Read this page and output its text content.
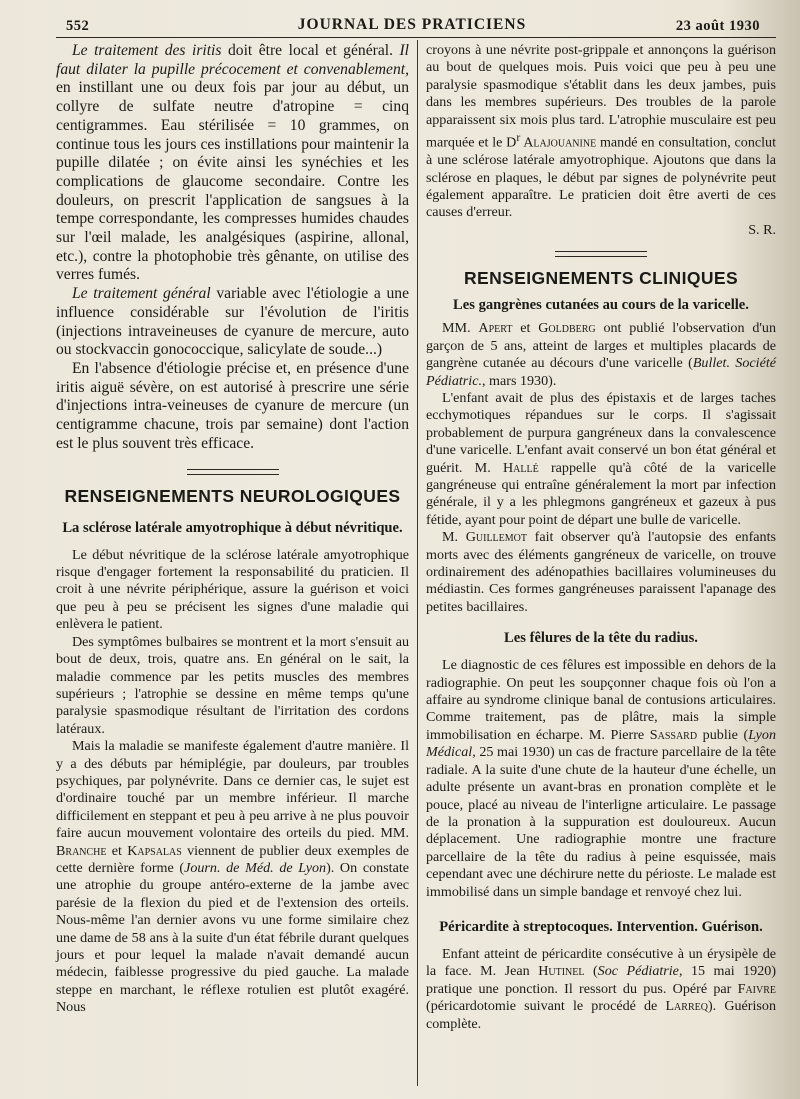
552	JOURNAL DES PRATICIENS	23 août 1930

Le traitement des iritis doit être local et général. Il faut dilater la pupille précocement et convenablement, en instillant une ou deux fois par jour au début, un collyre de sulfate neutre d'atropine = cinq centigrammes. Eau stérilisée = 10 grammes, on continue tous les jours ces instillations pour maintenir la pupille dilatée ; on évite ainsi les synéchies et les complications de glaucome secondaire. Contre les douleurs, on prescrit l'application de sangsues à la tempe correspondante, les compresses humides chaudes sur l'œil malade, les analgésiques (aspirine, allonal, etc.), contre la photophobie très gênante, on utilise des verres fumés.

Le traitement général variable avec l'étiologie a une influence considérable sur l'évolution de l'iritis (injections intraveineuses de cyanure de mercure, auto ou stockvaccin gonococcique, salicylate de soude...)

En l'absence d'étiologie précise et, en présence d'une iritis aiguë sévère, on est autorisé à prescrire une série d'injections intra-veineuses de cyanure de mercure (un centigramme chacune, trois par semaine) dont l'action est le plus souvent très efficace.

RENSEIGNEMENTS NEUROLOGIQUES
La sclérose latérale amyotrophique à début névritique.

Le début névritique de la sclérose latérale amyotrophique risque d'engager fortement la responsabilité du praticien. Il croit à une névrite périphérique, assure la guérison et voici que peu à peu se précisent les signes d'une maladie qui enlèvera le patient.

Des symptômes bulbaires se montrent et la mort s'ensuit au bout de deux, trois, quatre ans. En général on le sait, la maladie commence par les petits muscles des membres supérieurs ; l'atrophie se dessine en même temps qu'une paralysie spasmodique résultant de l'irritation des cordons latéraux.

Mais la maladie se manifeste également d'autre manière. Il y a des débuts par hémiplégie, par douleurs, par troubles psychiques, par polynévrite. Dans ce dernier cas, le sujet est d'ordinaire touché par un membre inférieur. Il marche difficilement en steppant et peu à peu arrive à ne plus pouvoir faire aucun mouvement volontaire des orteils du pied. MM. Branche et Kapsalas viennent de publier deux exemples de cette dernière forme (Journ. de Méd. de Lyon). On constate une atrophie du groupe antéro-externe de la jambe avec parésie de la flexion du pied et de l'extension des orteils. Nous-même l'an dernier avons vu une forme similaire chez une dame de 58 ans à la suite d'un état fébrile durant quelques jours et pour lequel la malade n'avait demandé aucun médecin, faiblesse progressive du pied gauche. La malade steppe en marchant, le réflexe rotulien est plutôt exagéré. Nous

croyons à une névrite post-grippale et annonçons la guérison au bout de quelques mois. Puis voici que peu à peu une paralysie spasmodique s'établit dans les deux jambes, puis dans les membres supérieurs. Des troubles de la parole apparaissent six mois plus tard. L'atrophie musculaire est peu marquée et le $D^r$ Alajouanine mandé en consultation, conclut à une sclérose latérale amyotrophique. Ajoutons que dans la sclérose en plaques, le début par signes de polynévrite peut également apparaître. Le praticien doit être averti de ces causes d'erreur.

S. R.

RENSEIGNEMENTS CLINIQUES
Les gangrènes cutanées au cours de la varicelle.

MM. Apert et Goldberg ont publié l'observation d'un garçon de 5 ans, atteint de larges et multiples placards de gangrène cutanée au décours d'une varicelle (Bullet. Société Pédiatric., mars 1930).

L'enfant avait de plus des épistaxis et de larges taches ecchymotiques répandues sur le corps. Il s'agissait probablement de purpura gangréneux dans la convalescence d'une varicelle. L'enfant avait conservé un bon état général et guérit. M. Hallé rappelle qu'à côté de la varicelle gangréneuse qui entraîne généralement la mort par infection générale, il y a les phlegmons gangréneux et gazeux à pus fétide, ayant pour point de départ une bulle de varicelle.

M. Guillemot fait observer qu'à l'autopsie des enfants morts avec des éléments gangréneux de varicelle, on trouve ordinairement des adénopathies bacillaires volumineuses du médiastin. Ces formes gangréneuses paraissent l'apanage des petites bacillaires.

Les fêlures de la tête du radius.

Le diagnostic de ces fêlures est impossible en dehors de la radiographie. On peut les soupçonner chaque fois où l'on a affaire au syndrome clinique banal de contusions articulaires. Comme traitement, pas de plâtre, mais la simple immobilisation en écharpe. M. Pierre Sassard publie (Lyon Médical, 25 mai 1930) un cas de fracture parcellaire de la tête radiale. A la suite d'une chute de la hauteur d'une échelle, un adulte présente un avant-bras en pronation complète et le pouce, placé au niveau de l'interligne articulaire. Le passage de la pronation à la suppuration est douloureux. Aucun déplacement. Une radiographie montre une fracture parcellaire de la tête du radius à peine esquissée, mais cependant avec une déchirure nette du périoste. Le malade est immobilisé dans un simple bandage et renvoyé chez lui.

Péricardite à streptocoques. Intervention. Guérison.

Enfant atteint de péricardite consécutive à un érysipèle de la face. M. Jean Hutinel (Soc Pédiatrie, 15 mai 1920) pratique une ponction. Il ressort du pus. Opéré par Faivre (péricardotomie suivant le procédé de Larreq). Guérison complète.
